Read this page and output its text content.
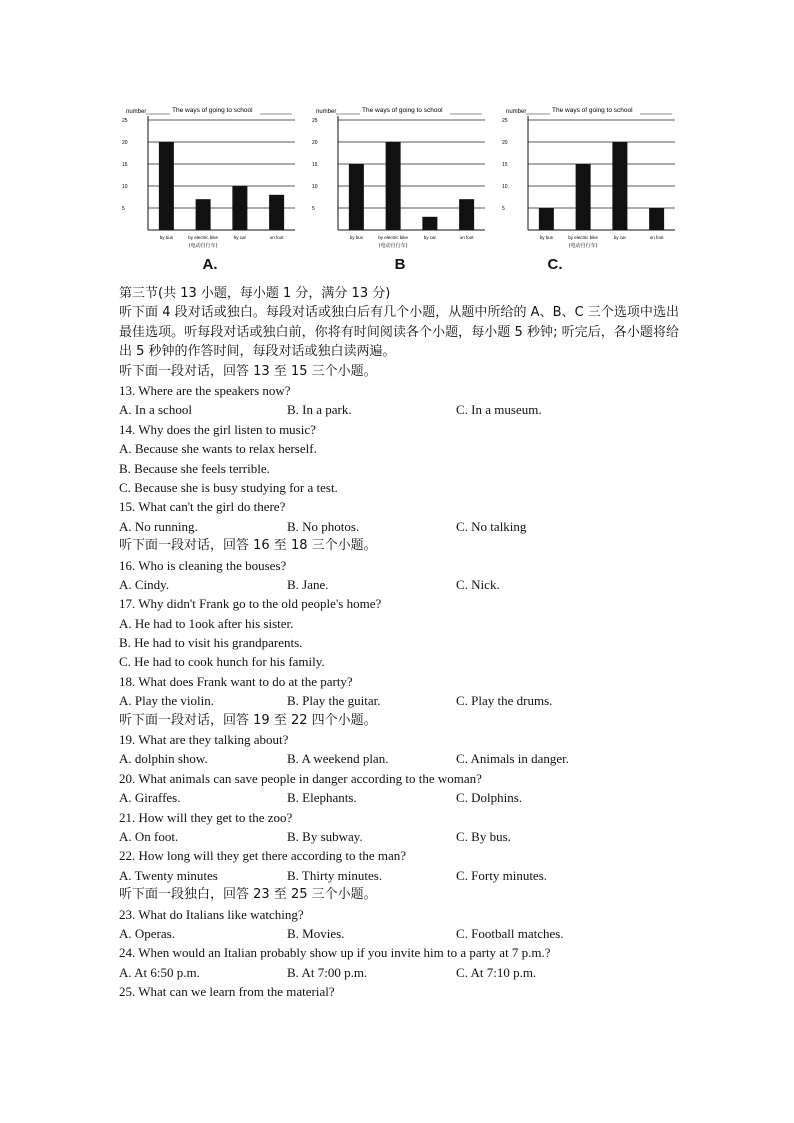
number	The ways of going to school
25
20
15
10
5
by bus	by electric bike	by car	on foot
(电动自行车)
A.
number	The ways of going to school
25
20
15
10
5
by bus	by electric bike	by car	on foot
(电动自行车)
B
number	The ways of going to school
25
20
15
10
5
by bus	by electric bike	by car	on foot
(电动自行车)
C.
第三节(共 13 小题，每小题 1 分，满分 13 分)
听下面 4 段对话或独白。每段对话或独白后有几个小题，从题中所给的 A、B、C 三个选项中选出最佳选项。听每段对话或独白前，你将有时间阅读各个小题，每小题 5 秒钟; 听完后，各小题将给出 5 秒钟的作答时间，每段对话或独白读两遍。
听下面一段对话，回答 13 至 15 三个小题。
13. Where are the speakers now?
A. In a school	B. In a park.	C. In a museum.
14. Why does the girl listen to music?
A. Because she wants to relax herself.
B. Because she feels terrible.
C. Because she is busy studying for a test.
15. What can't the girl do there?
A. No running.	B. No photos.	C. No talking
听下面一段对话，回答 16 至 18 三个小题。
16. Who is cleaning the bouses?
A. Cindy.	B. Jane.	C. Nick.
17. Why didn't Frank go to the old people's home?
A. He had to 1ook after his sister.
B. He had to visit his grandparents.
C. He had to cook hunch for his family.
18. What does Frank want to do at the party?
A. Play the violin.	B. Play the guitar.	C. Play the drums.
听下面一段对话，回答 19 至 22 四个小题。
19. What are they talking about?
A. dolphin show.	B. A weekend plan.	C. Animals in danger.
20. What animals can save people in danger according to the woman?
A. Giraffes.	B. Elephants.	C. Dolphins.
21. How will they get to the zoo?
A. On foot.	B. By subway.	C. By bus.
22. How long will they get there according to the man?
A. Twenty minutes	B. Thirty minutes.	C. Forty minutes.
听下面一段独白，回答 23 至 25 三个小题。
23. What do Italians like watching?
A. Operas.	B. Movies.	C. Football matches.
24. When would an Italian probably show up if you invite him to a party at 7 p.m.?
A. At 6:50 p.m.	B. At 7:00 p.m.	C. At 7:10 p.m.
25. What can we learn from the material?
